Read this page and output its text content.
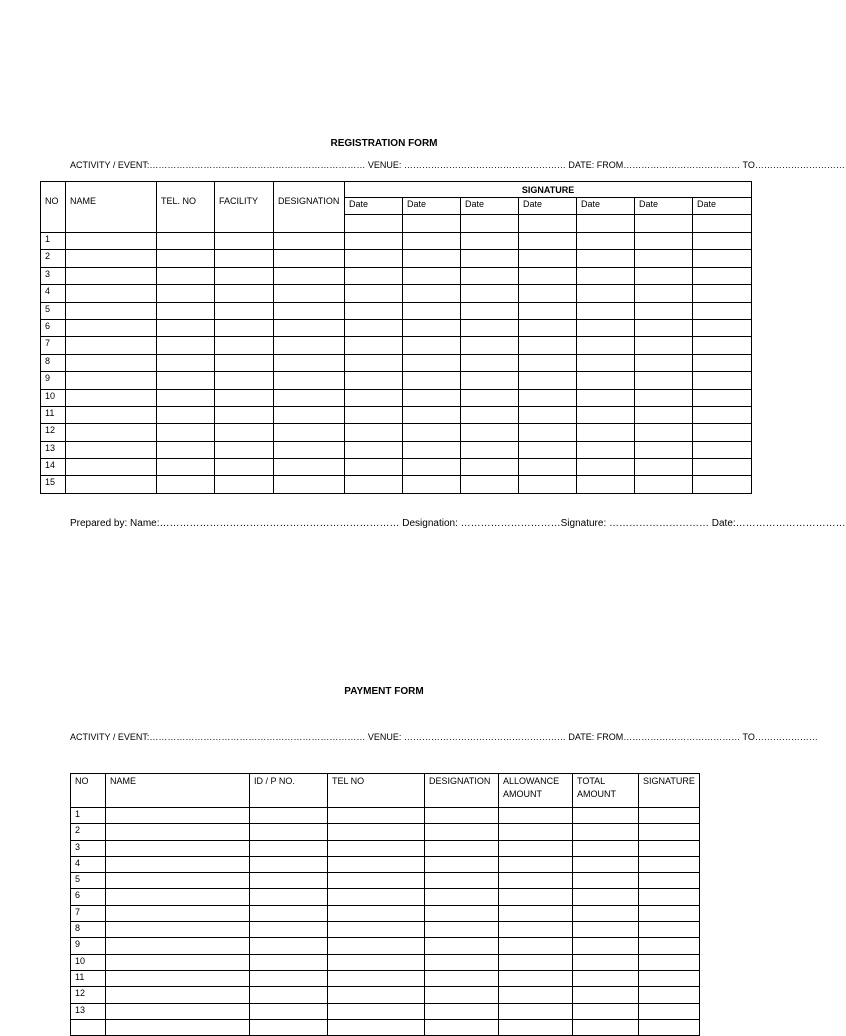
REGISTRATION FORM
ACTIVITY / EVENT:……………………………………………………………… VENUE: ……………………………………………… DATE: FROM………………………………… TO…………………………
NO	NAME	TEL. NO	FACILITY	DESIGNATION	SIGNATURE						
					Date	Date	Date	Date	Date	Date	Date

1											
2											
3											
4											
5											
6											
7											
8											
9											
10											
11											
12											
13											
14											
15											
Prepared by: Name:……………………………………………………………… Designation: …………………………Signature: ………………………… Date:……………………………
PAYMENT FORM
ACTIVITY / EVENT:……………………………………………………………… VENUE: ……………………………………………… DATE: FROM………………………………… TO…………………
NO	NAME	ID / P NO.	TEL NO	DESIGNATION	ALLOWANCE AMOUNT	TOTAL AMOUNT	SIGNATURE
1							
2							
3							
4							
5							
6							
7							
8							
9							
10							
11							
12							
13							
